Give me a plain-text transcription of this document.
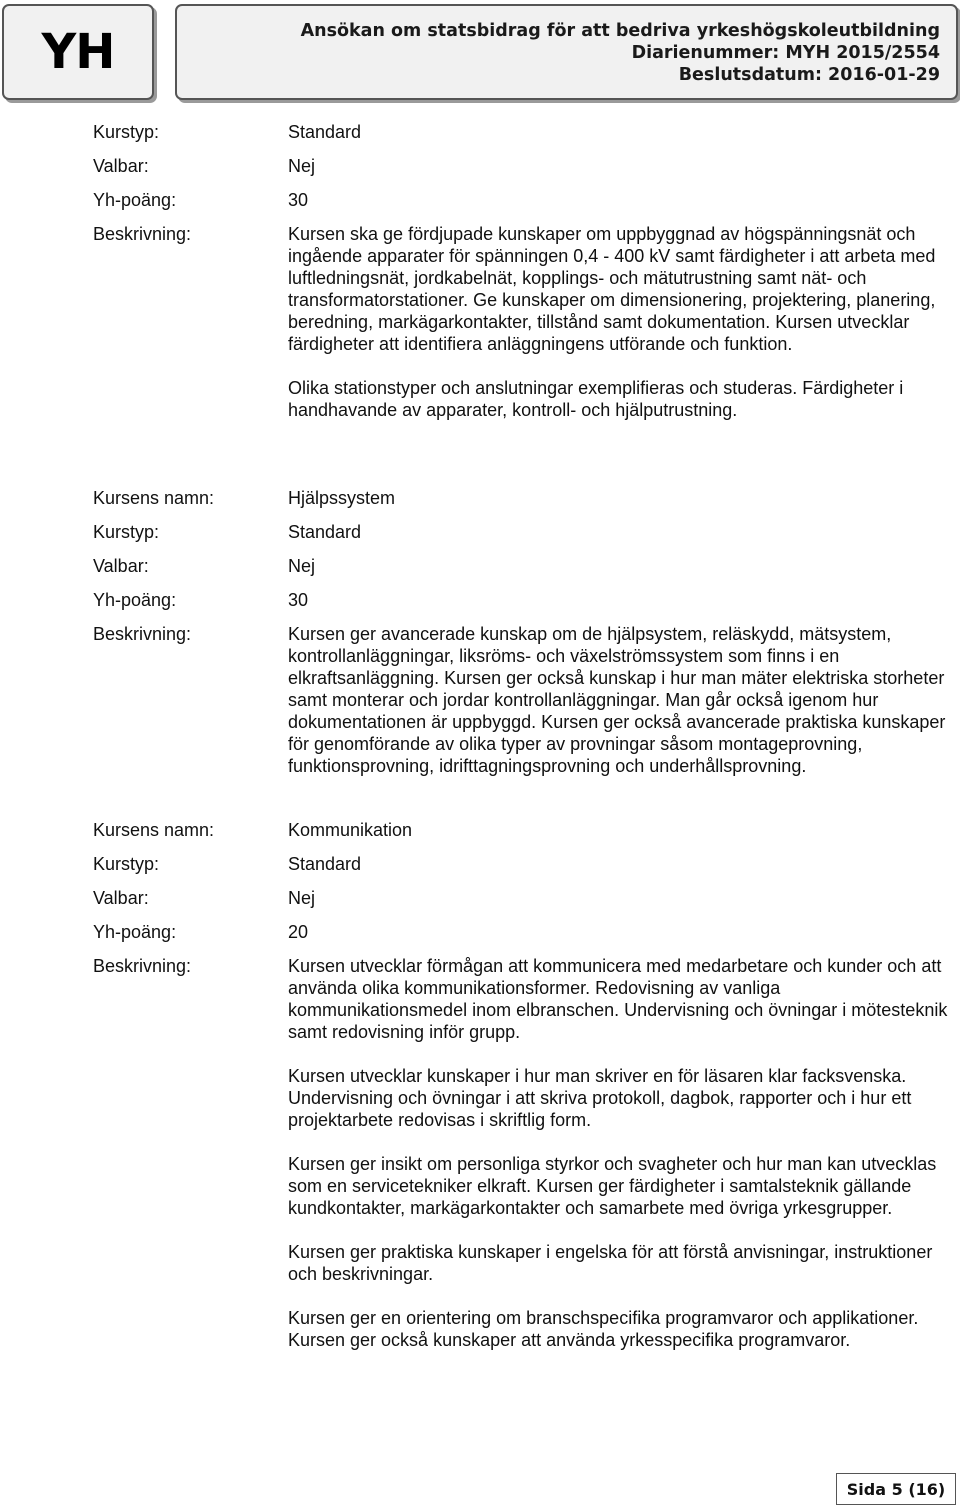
YH	Ansökan om statsbidrag för att bedriva yrkeshögskoleutbildning
Diarienummer: MYH 2015/2554
Beslutsdatum: 2016-01-29
Kurstyp:	Standard
Valbar:	Nej
Yh-poäng:	30
Beskrivning:	Kursen ska ge fördjupade kunskaper om uppbyggnad av högspänningsnät och ingående apparater för spänningen 0,4 - 400 kV samt färdigheter i att arbeta med luftledningsnät, jordkabelnät, kopplings- och mätutrustning samt nät- och transformatorstationer. Ge kunskaper om dimensionering, projektering, planering, beredning, markägarkontakter, tillstånd samt dokumentation. Kursen utvecklar färdigheter att identifiera anläggningens utförande och funktion.

Olika stationstyper och anslutningar exemplifieras och studeras. Färdigheter i handhavande av apparater, kontroll- och hjälputrustning.

Kursens namn:	Hjälpssystem
Kurstyp:	Standard
Valbar:	Nej
Yh-poäng:	30
Beskrivning:	Kursen ger avancerade kunskap om de hjälpsystem, reläskydd, mätsystem, kontrollanläggningar, liksröms- och växelströmssystem som finns i en elkraftsanläggning. Kursen ger också kunskap i hur man mäter elektriska storheter samt monterar och jordar kontrollanläggningar. Man går också igenom hur dokumentationen är uppbyggd. Kursen ger också avancerade praktiska kunskaper för genomförande av olika typer av provningar såsom montageprovning, funktionsprovning, idrifttagningsprovning och underhållsprovning.

Kursens namn:	Kommunikation
Kurstyp:	Standard
Valbar:	Nej
Yh-poäng:	20
Beskrivning:	Kursen utvecklar förmågan att kommunicera med medarbetare och kunder och att använda olika kommunikationsformer. Redovisning av vanliga kommunikationsmedel inom elbranschen. Undervisning och övningar i mötesteknik samt redovisning inför grupp.

Kursen utvecklar kunskaper i hur man skriver en för läsaren klar facksvenska. Undervisning och övningar i att skriva protokoll, dagbok, rapporter och i hur ett projektarbete redovisas i skriftlig form.

Kursen ger insikt om personliga styrkor och svagheter och hur man kan utvecklas som en servicetekniker elkraft. Kursen ger färdigheter i samtalsteknik gällande kundkontakter, markägarkontakter och samarbete med övriga yrkesgrupper.

Kursen ger praktiska kunskaper i engelska för att förstå anvisningar, instruktioner och beskrivningar.

Kursen ger en orientering om branschspecifika programvaror och applikationer. Kursen ger också kunskaper att använda yrkesspecifika programvaror.

Sida 5 (16)
